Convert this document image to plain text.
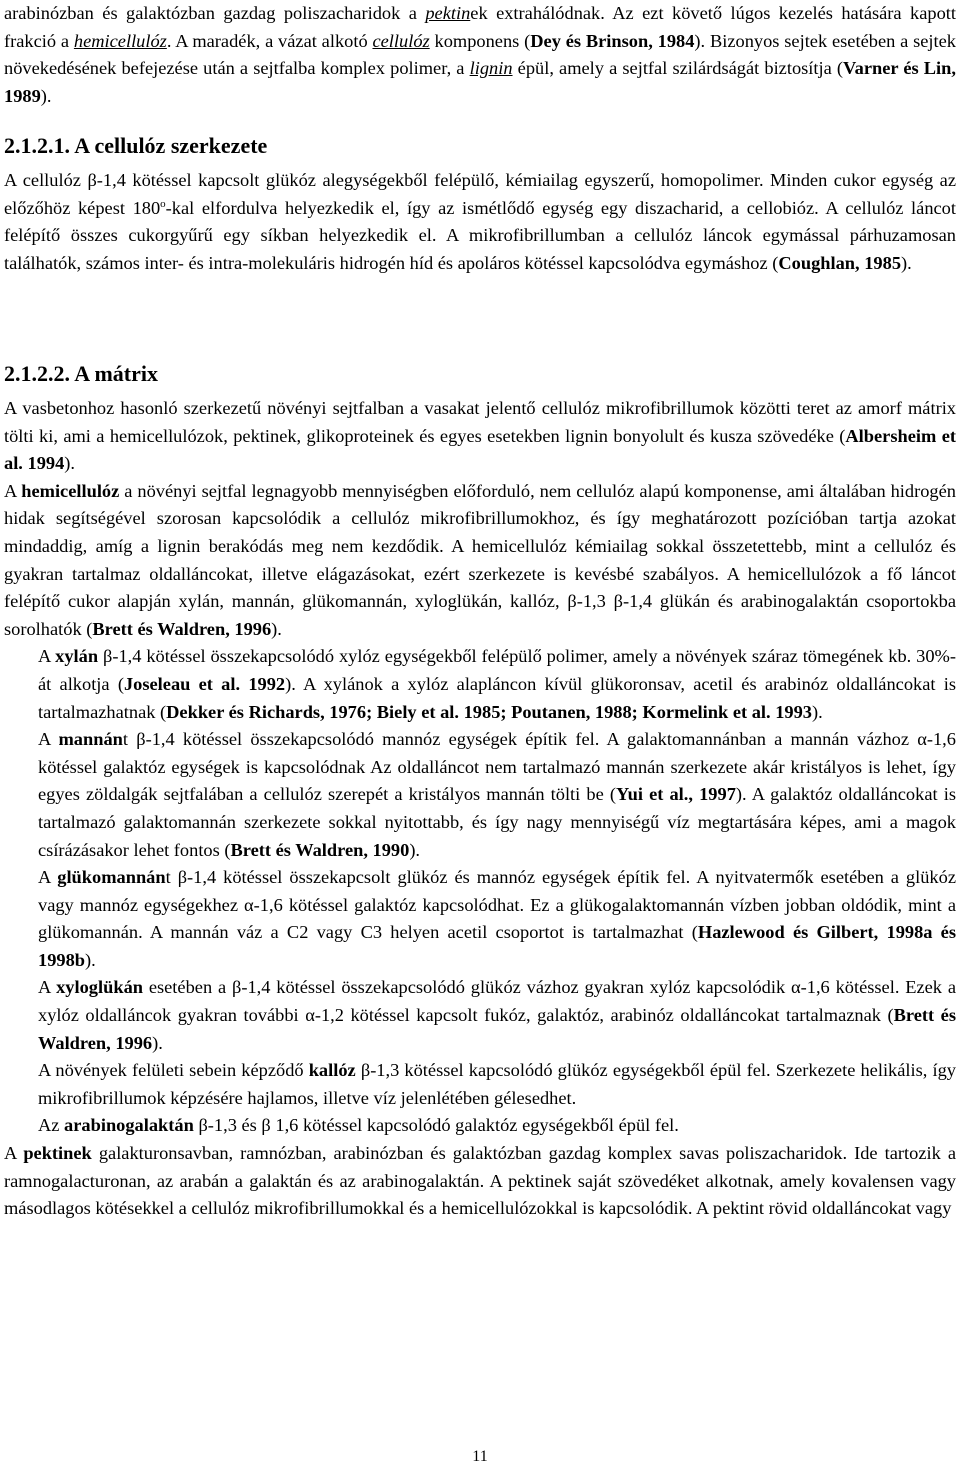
arabinózban és galaktózban gazdag poliszacharidok a pektinek extrahálódnak. Az ezt követő lúgos kezelés hatására kapott frakció a hemicellulóz. A maradék, a vázat alkotó cellulóz komponens (Dey és Brinson, 1984). Bizonyos sejtek esetében a sejtek növekedésének befejezése után a sejtfalba komplex polimer, a lignin épül, amely a sejtfal szilárdságát biztosítja (Varner és Lin, 1989).

2.1.2.1. A cellulóz szerkezete

A cellulóz β-1,4 kötéssel kapcsolt glükóz alegységekből felépülő, kémiailag egyszerű, homopolimer. Minden cukor egység az előzőhöz képest 180$^o$-kal elfordulva helyezkedik el, így az ismétlődő egység egy diszacharid, a cellobióz. A cellulóz láncot felépítő összes cukorgyűrű egy síkban helyezkedik el. A mikrofibrillumban a cellulóz láncok egymással párhuzamosan találhatók, számos inter- és intra-molekuláris hidrogén híd és apoláros kötéssel kapcsolódva egymáshoz (Coughlan, 1985).

2.1.2.2. A mátrix

A vasbetonhoz hasonló szerkezetű növényi sejtfalban a vasakat jelentő cellulóz mikrofibrillumok közötti teret az amorf mátrix tölti ki, ami a hemicellulózok, pektinek, glikoproteinek és egyes esetekben lignin bonyolult és kusza szövedéke (Albersheim et al. 1994).

A hemicellulóz a növényi sejtfal legnagyobb mennyiségben előforduló, nem cellulóz alapú komponense, ami általában hidrogén hidak segítségével szorosan kapcsolódik a cellulóz mikrofibrillumokhoz, és így meghatározott pozícióban tartja azokat mindaddig, amíg a lignin berakódás meg nem kezdődik. A hemicellulóz kémiailag sokkal összetettebb, mint a cellulóz és gyakran tartalmaz oldalláncokat, illetve elágazásokat, ezért szerkezete is kevésbé szabályos. A hemicellulózok a fő láncot felépítő cukor alapján xylán, mannán, glükomannán, xyloglükán, kallóz, β-1,3 β-1,4 glükán és arabinogalaktán csoportokba sorolhatók (Brett és Waldren, 1996).

A xylán β-1,4 kötéssel összekapcsolódó xylóz egységekből felépülő polimer, amely a növények száraz tömegének kb. 30%-át alkotja (Joseleau et al. 1992). A xylánok a xylóz alapláncon kívül glükoronsav, acetil és arabinóz oldalláncokat is tartalmazhatnak (Dekker és Richards, 1976; Biely et al. 1985; Poutanen, 1988; Kormelink et al. 1993).

A mannánt β-1,4 kötéssel összekapcsolódó mannóz egységek építik fel. A galaktomannánban a mannán vázhoz α-1,6 kötéssel galaktóz egységek is kapcsolódnak Az oldalláncot nem tartalmazó mannán szerkezete akár kristályos is lehet, így egyes zöldalgák sejtfalában a cellulóz szerepét a kristályos mannán tölti be (Yui et al., 1997). A galaktóz oldalláncokat is tartalmazó galaktomannán szerkezete sokkal nyitottabb, és így nagy mennyiségű víz megtartására képes, ami a magok csírázásakor lehet fontos (Brett és Waldren, 1990).

A glükomannánt β-1,4 kötéssel összekapcsolt glükóz és mannóz egységek építik fel. A nyitvatermők esetében a glükóz vagy mannóz egységekhez α-1,6 kötéssel galaktóz kapcsolódhat. Ez a glükogalaktomannán vízben jobban oldódik, mint a glükomannán. A mannán váz a C2 vagy C3 helyen acetil csoportot is tartalmazhat (Hazlewood és Gilbert, 1998a és 1998b).

A xyloglükán esetében a β-1,4 kötéssel összekapcsolódó glükóz vázhoz gyakran xylóz kapcsolódik α-1,6 kötéssel. Ezek a xylóz oldalláncok gyakran további α-1,2 kötéssel kapcsolt fukóz, galaktóz, arabinóz oldalláncokat tartalmaznak (Brett és Waldren, 1996).

A növények felületi sebein képződő kallóz β-1,3 kötéssel kapcsolódó glükóz egységekből épül fel. Szerkezete helikális, így mikrofibrillumok képzésére hajlamos, illetve víz jelenlétében gélesedhet.

Az arabinogalaktán β-1,3 és β 1,6 kötéssel kapcsolódó galaktóz egységekből épül fel.

A pektinek galakturonsavban, ramnózban, arabinózban és galaktózban gazdag komplex savas poliszacharidok. Ide tartozik a ramnogalacturonan, az arabán a galaktán és az arabinogalaktán. A pektinek saját szövedéket alkotnak, amely kovalensen vagy másodlagos kötésekkel a cellulóz mikrofibrillumokkal és a hemicellulózokkal is kapcsolódik. A pektint rövid oldalláncokat vagy

11
